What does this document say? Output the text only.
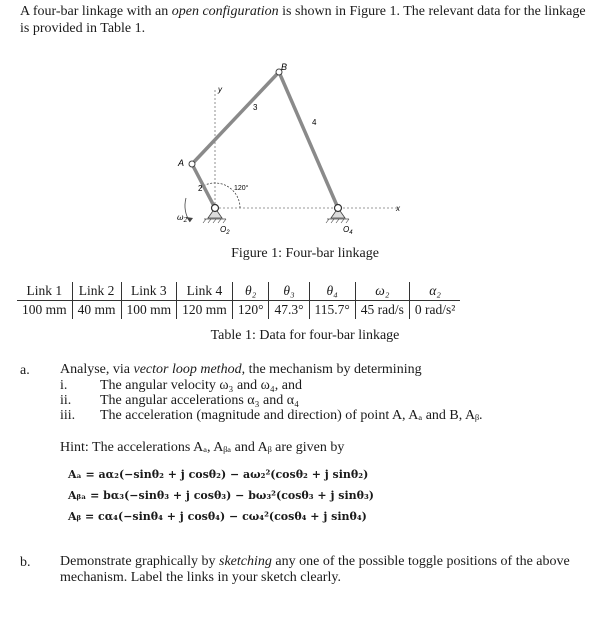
A four-bar linkage with an open configuration is shown in Figure 1. The relevant data for the linkage is provided in Table 1.
B
A
y
x
2
3
4
120°
$\omega_2$
$O_2$	$O_4$
Figure 1: Four-bar linkage
Link 1	Link 2	Link 3	Link 4	θ₂	θ₃	θ₄	ω₂	α₂
100 mm	40 mm	100 mm	120 mm	120°	47.3°	115.7°	45 rad/s	0 rad/s²
Table 1: Data for four-bar linkage
a. Analyse, via vector loop method, the mechanism by determining
i. The angular velocity ω₃ and ω₄, and
ii. The angular accelerations α₃ and α₄
iii. The acceleration (magnitude and direction) of point A, Aₐ and B, Aᵦ.
Hint: The accelerations Aₐ, Aᵦₐ and Aᵦ are given by
Aₐ = aα₂(−sinθ₂ + j cosθ₂) − aω₂²(cosθ₂ + j sinθ₂)
Aᵦₐ = bα₃(−sinθ₃ + j cosθ₃) − bω₃²(cosθ₃ + j sinθ₃)
Aᵦ = cα₄(−sinθ₄ + j cosθ₄) − cω₄²(cosθ₄ + j sinθ₄)
b. Demonstrate graphically by sketching any one of the possible toggle positions of the above mechanism. Label the links in your sketch clearly.
